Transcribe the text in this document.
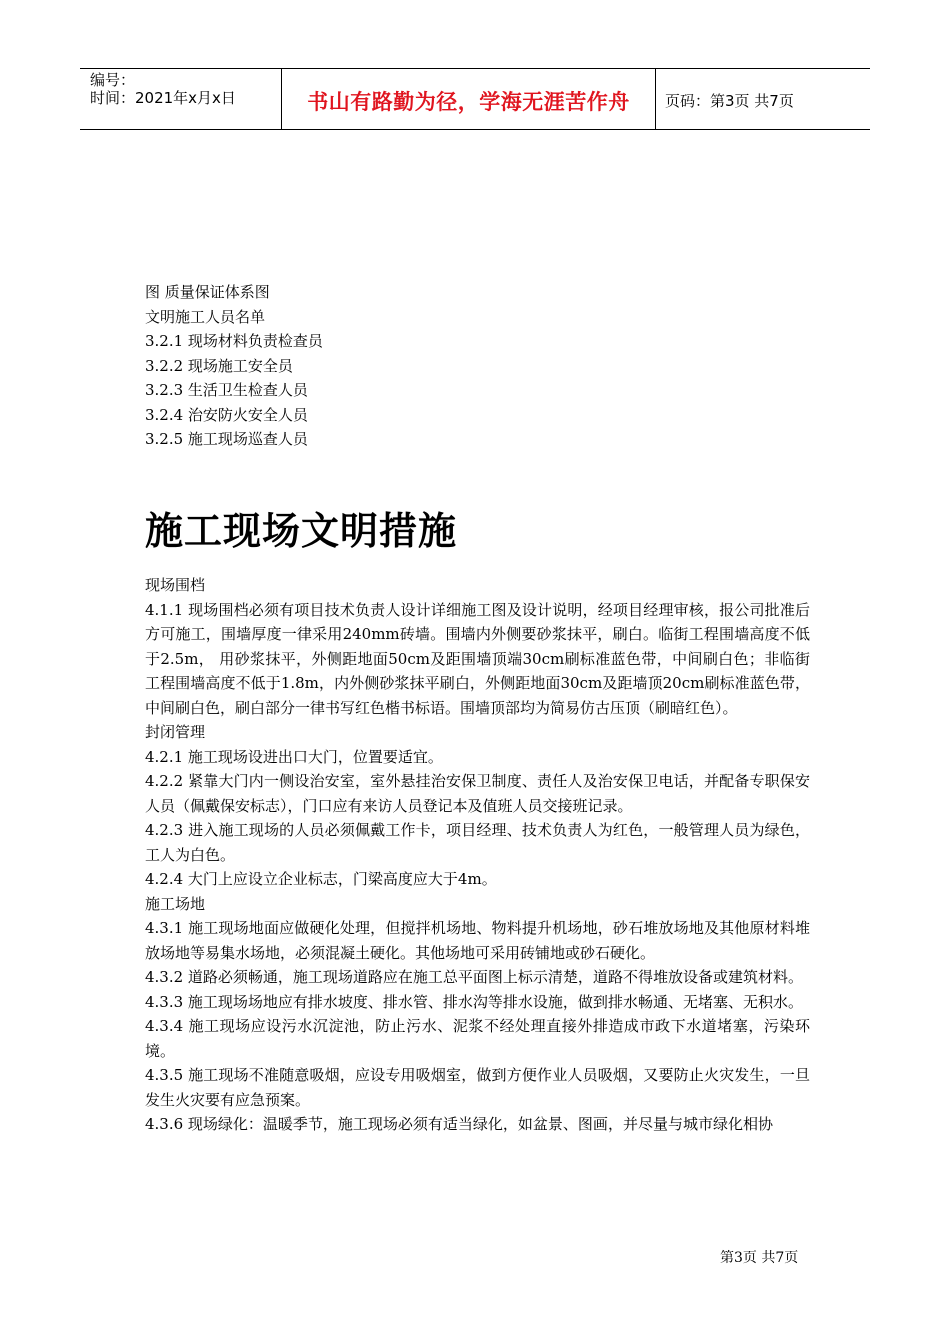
编号：
时间：2021年x月x日	书山有路勤为径，学海无涯苦作舟	页码：第3页 共7页

图 质量保证体系图

文明施工人员名单

3.2.1 现场材料负责检查员

3.2.2 现场施工安全员

3.2.3 生活卫生检查人员

3.2.4 治安防火安全人员

3.2.5 施工现场巡查人员

施工现场文明措施

现场围档

4.1.1 现场围档必须有项目技术负责人设计详细施工图及设计说明，经项目经理审核，报公司批准后方可施工，围墙厚度一律采用240mm砖墙。围墙内外侧要砂浆抹平，刷白。临街工程围墙高度不低于2.5m， 用砂浆抹平，外侧距地面50cm及距围墙顶端30cm刷标准蓝色带，中间刷白色；非临街工程围墙高度不低于1.8m，内外侧砂浆抹平刷白，外侧距地面30cm及距墙顶20cm刷标准蓝色带，中间刷白色，刷白部分一律书写红色楷书标语。围墙顶部均为简易仿古压顶（刷暗红色）。

封闭管理

4.2.1 施工现场设进出口大门，位置要适宜。

4.2.2 紧靠大门内一侧设治安室，室外悬挂治安保卫制度、责任人及治安保卫电话，并配备专职保安人员（佩戴保安标志），门口应有来访人员登记本及值班人员交接班记录。

4.2.3 进入施工现场的人员必须佩戴工作卡，项目经理、技术负责人为红色，一般管理人员为绿色，工人为白色。

4.2.4 大门上应设立企业标志，门梁高度应大于4m。

施工场地

4.3.1 施工现场地面应做硬化处理，但搅拌机场地、物料提升机场地，砂石堆放场地及其他原材料堆放场地等易集水场地，必须混凝土硬化。其他场地可采用砖铺地或砂石硬化。

4.3.2 道路必须畅通，施工现场道路应在施工总平面图上标示清楚，道路不得堆放设备或建筑材料。

4.3.3 施工现场场地应有排水坡度、排水管、排水沟等排水设施，做到排水畅通、无堵塞、无积水。

4.3.4 施工现场应设污水沉淀池，防止污水、泥浆不经处理直接外排造成市政下水道堵塞，污染环境。

4.3.5 施工现场不准随意吸烟，应设专用吸烟室，做到方便作业人员吸烟，又要防止火灾发生，一旦发生火灾要有应急预案。

4.3.6 现场绿化：温暖季节，施工现场必须有适当绿化，如盆景、图画，并尽量与城市绿化相协

第3页 共7页
